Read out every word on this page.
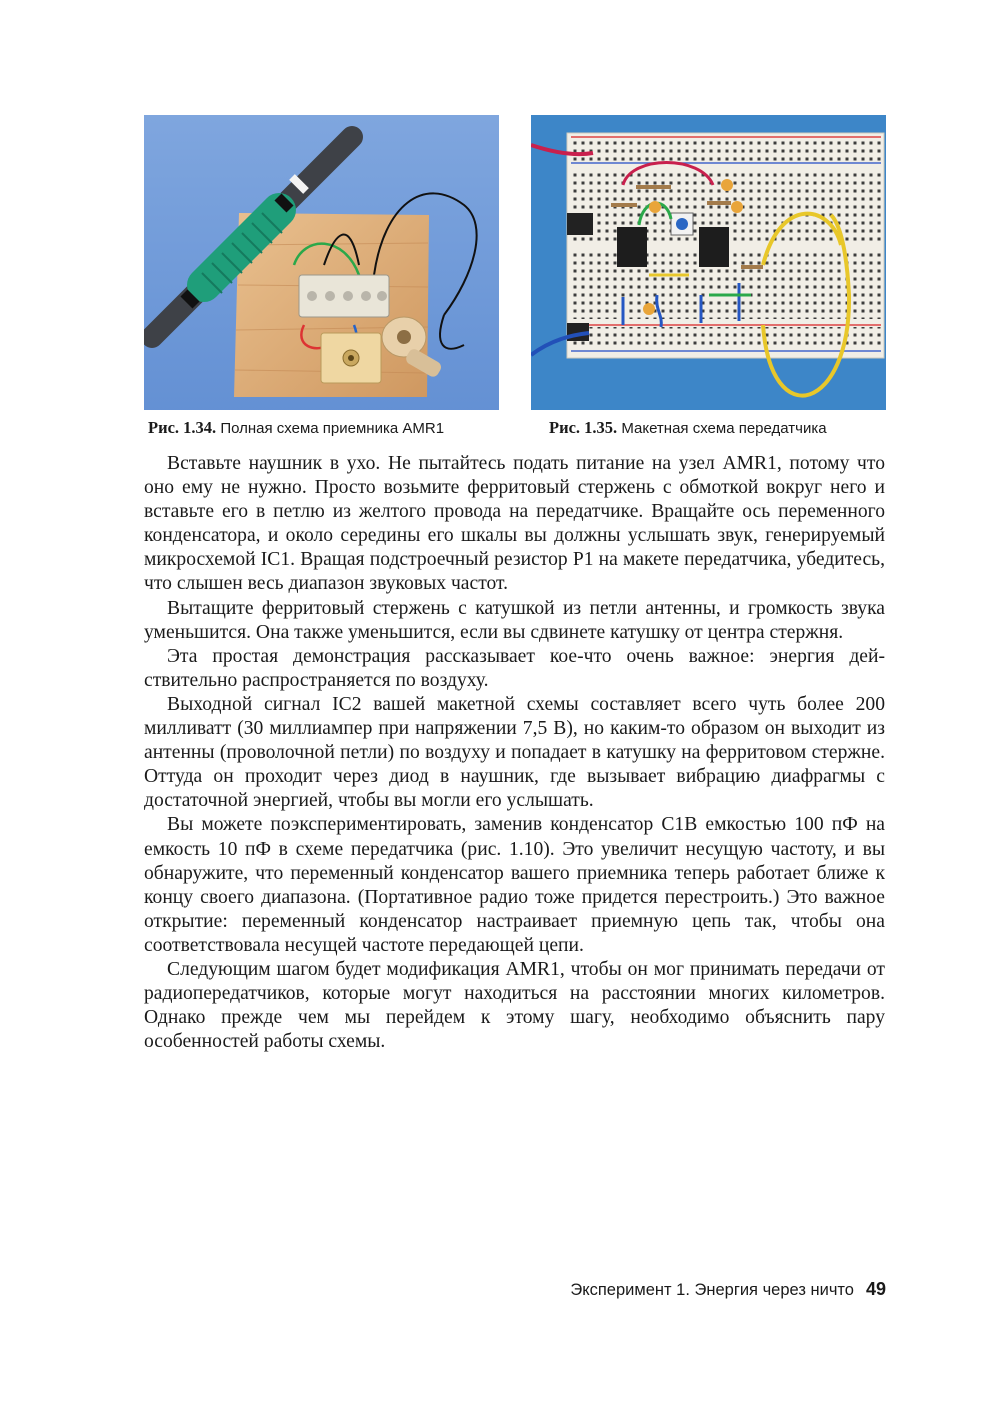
Рис. 1.34. Полная схема приемника AMR1	Рис. 1.35. Макетная схема передатчика

Вставьте наушник в ухо. Не пытайтесь подать питание на узел AMR1, потому что оно ему не нужно. Просто возьмите ферритовый стержень с обмоткой вокруг него и вставьте его в петлю из желтого провода на передатчике. Вращайте ось переменного конденсатора, и около середины его шкалы вы должны услышать звук, генерируемый микросхемой IC1. Вращая подстроечный резистор P1 на макете передатчика, убедитесь, что слышен весь диапазон звуковых частот.

Вытащите ферритовый стержень с катушкой из петли антенны, и громкость звука уменьшится. Она также уменьшится, если вы сдвинете катушку от центра стержня.

Эта простая демонстрация рассказывает кое-что очень важное: энергия действительно распространяется по воздуху.

Выходной сигнал IC2 вашей макетной схемы составляет всего чуть более 200 милливатт (30 миллиампер при напряжении 7,5 В), но каким-то образом он выходит из антенны (проволочной петли) по воздуху и попадает в катушку на ферритовом стержне. Оттуда он проходит через диод в наушник, где вызывает вибрацию диафрагмы с достаточной энергией, чтобы вы могли его услышать.

Вы можете поэкспериментировать, заменив конденсатор C1B емкостью 100 пФ на емкость 10 пФ в схеме передатчика (рис. 1.10). Это увеличит несущую частоту, и вы обнаружите, что переменный конденсатор вашего приемника теперь работает ближе к концу своего диапазона. (Портативное радио тоже придется перестроить.) Это важное открытие: переменный конденсатор настраивает приемную цепь так, чтобы она соответствовала несущей частоте передающей цепи.

Следующим шагом будет модификация AMR1, чтобы он мог принимать передачи от радиопередатчиков, которые могут находиться на расстоянии многих километров. Однако прежде чем мы перейдем к этому шагу, необходимо объяснить пару особенностей работы схемы.

Эксперимент 1. Энергия через ничто 49
